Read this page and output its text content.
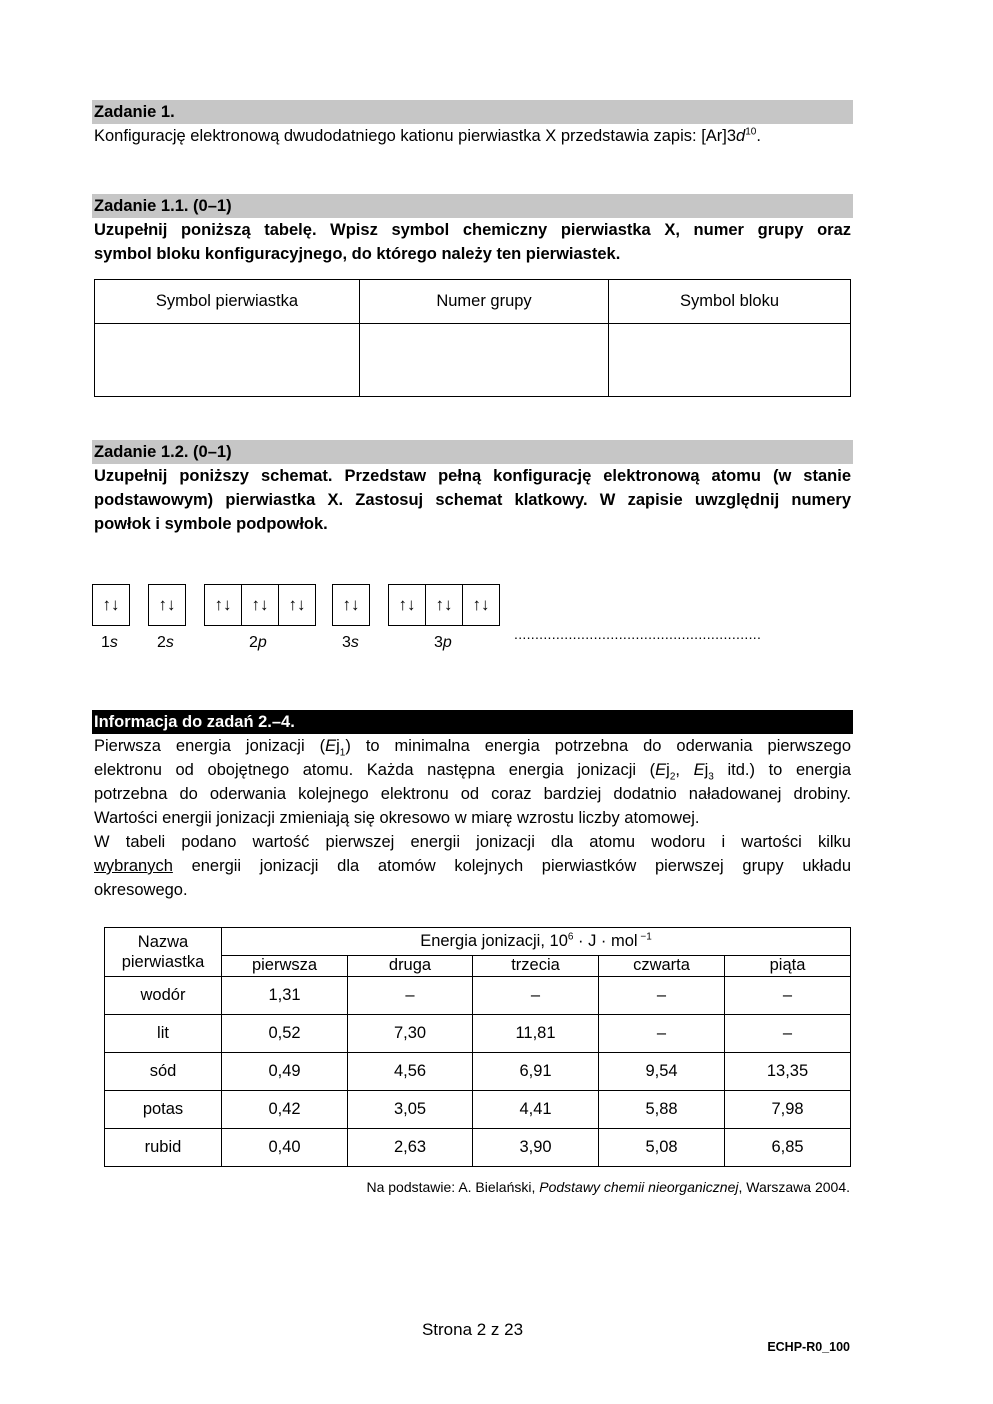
Zadanie 1.
Konfigurację elektronową dwudodatniego kationu pierwiastka X przedstawia zapis: $[Ar]3d^{10}$.
Zadanie 1.1. (0–1)
Uzupełnij poniższą tabelę. Wpisz symbol chemiczny pierwiastka X, numer grupy oraz
symbol bloku konfiguracyjnego, do którego należy ten pierwiastek.
Symbol pierwiastka	Numer grupy	Symbol bloku

Zadanie 1.2. (0–1)
Uzupełnij poniższy schemat. Przedstaw pełną konfigurację elektronową atomu (w stanie
podstawowym) pierwiastka X. Zastosuj schemat klatkowy. W zapisie uwzględnij numery
powłok i symbole podpowłok.
↑↓	↑↓	↑↓	↑↓	↑↓	↑↓	↑↓	↑↓	↑↓
1s 2s	2p	3s	3p	...........................................................
Informacja do zadań 2.–4.
Pierwsza energia jonizacji $(Ej_1)$ to minimalna energia potrzebna do oderwania pierwszego
elektronu od obojętnego atomu. Każda następna energia jonizacji ($Ej_2$, $Ej_3$ itd.) to energia
potrzebna do oderwania kolejnego elektronu od coraz bardziej dodatnio naładowanej drobiny.
Wartości energii jonizacji zmieniają się okresowo w miarę wzrostu liczby atomowej.
W tabeli podano wartość pierwszej energii jonizacji dla atomu wodoru i wartości kilku
wybranych energii jonizacji dla atomów kolejnych pierwiastków pierwszej grupy układu
okresowego.
Nazwa
pierwiastka	Energia jonizacji, $10^6 \cdot J$ · mol $^{-1}$
	pierwsza	druga	trzecia	czwarta	piąta
wodór	1,31	–	–	–	–
lit	0,52	7,30	11,81	–	–
sód	0,49	4,56	6,91	9,54	13,35
potas	0,42	3,05	4,41	5,88	7,98
rubid	0,40	2,63	3,90	5,08	6,85
Na podstawie: A. Bielański, Podstawy chemii nieorganicznej, Warszawa 2004.
Strona 2 z 23
ECHP-R0_100
